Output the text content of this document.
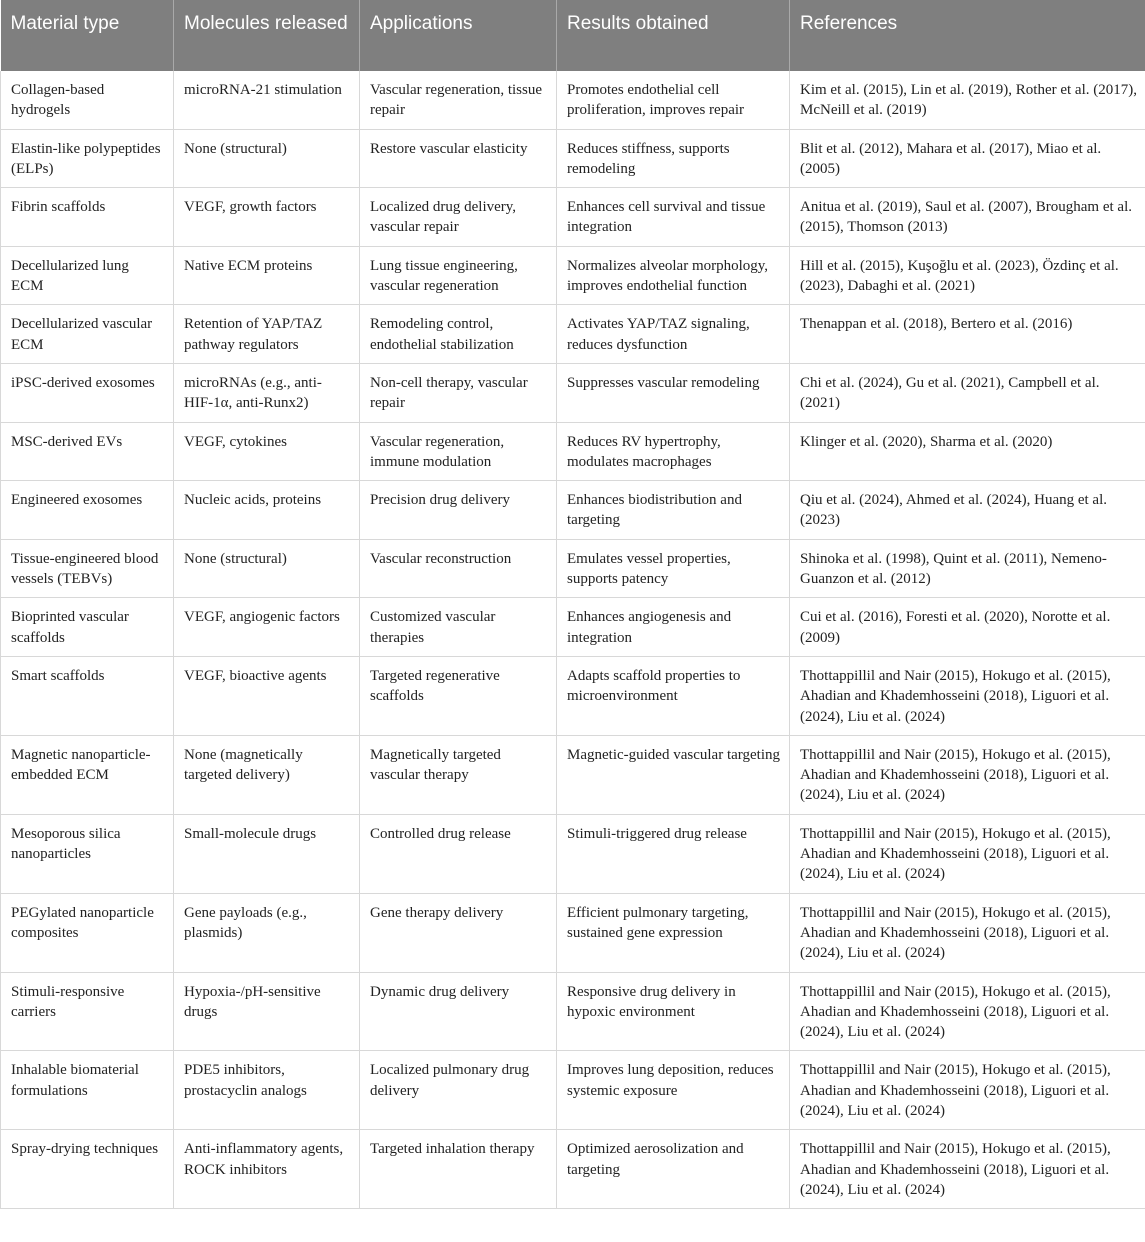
Material type	Molecules released	Applications	Results obtained	References
Collagen-based hydrogels	microRNA-21 stimulation	Vascular regeneration, tissue repair	Promotes endothelial cell proliferation, improves repair	Kim et al. (2015), Lin et al. (2019), Rother et al. (2017), McNeill et al. (2019)
Elastin-like polypeptides (ELPs)	None (structural)	Restore vascular elasticity	Reduces stiffness, supports remodeling	Blit et al. (2012), Mahara et al. (2017), Miao et al. (2005)
Fibrin scaffolds	VEGF, growth factors	Localized drug delivery, vascular repair	Enhances cell survival and tissue integration	Anitua et al. (2019), Saul et al. (2007), Brougham et al. (2015), Thomson (2013)
Decellularized lung ECM	Native ECM proteins	Lung tissue engineering, vascular regeneration	Normalizes alveolar morphology, improves endothelial function	Hill et al. (2015), Kuşoğlu et al. (2023), Özdinç et al. (2023), Dabaghi et al. (2021)
Decellularized vascular ECM	Retention of YAP/TAZ pathway regulators	Remodeling control, endothelial stabilization	Activates YAP/TAZ signaling, reduces dysfunction	Thenappan et al. (2018), Bertero et al. (2016)
iPSC-derived exosomes	microRNAs (e.g., anti-HIF-1α, anti-Runx2)	Non-cell therapy, vascular repair	Suppresses vascular remodeling	Chi et al. (2024), Gu et al. (2021), Campbell et al. (2021)
MSC-derived EVs	VEGF, cytokines	Vascular regeneration, immune modulation	Reduces RV hypertrophy, modulates macrophages	Klinger et al. (2020), Sharma et al. (2020)
Engineered exosomes	Nucleic acids, proteins	Precision drug delivery	Enhances biodistribution and targeting	Qiu et al. (2024), Ahmed et al. (2024), Huang et al. (2023)
Tissue-engineered blood vessels (TEBVs)	None (structural)	Vascular reconstruction	Emulates vessel properties, supports patency	Shinoka et al. (1998), Quint et al. (2011), Nemeno-Guanzon et al. (2012)
Bioprinted vascular scaffolds	VEGF, angiogenic factors	Customized vascular therapies	Enhances angiogenesis and integration	Cui et al. (2016), Foresti et al. (2020), Norotte et al. (2009)
Smart scaffolds	VEGF, bioactive agents	Targeted regenerative scaffolds	Adapts scaffold properties to microenvironment	Thottappillil and Nair (2015), Hokugo et al. (2015), Ahadian and Khademhosseini (2018), Liguori et al. (2024), Liu et al. (2024)
Magnetic nanoparticle-embedded ECM	None (magnetically targeted delivery)	Magnetically targeted vascular therapy	Magnetic-guided vascular targeting	Thottappillil and Nair (2015), Hokugo et al. (2015), Ahadian and Khademhosseini (2018), Liguori et al. (2024), Liu et al. (2024)
Mesoporous silica nanoparticles	Small-molecule drugs	Controlled drug release	Stimuli-triggered drug release	Thottappillil and Nair (2015), Hokugo et al. (2015), Ahadian and Khademhosseini (2018), Liguori et al. (2024), Liu et al. (2024)
PEGylated nanoparticle composites	Gene payloads (e.g., plasmids)	Gene therapy delivery	Efficient pulmonary targeting, sustained gene expression	Thottappillil and Nair (2015), Hokugo et al. (2015), Ahadian and Khademhosseini (2018), Liguori et al. (2024), Liu et al. (2024)
Stimuli-responsive carriers	Hypoxia-/pH-sensitive drugs	Dynamic drug delivery	Responsive drug delivery in hypoxic environment	Thottappillil and Nair (2015), Hokugo et al. (2015), Ahadian and Khademhosseini (2018), Liguori et al. (2024), Liu et al. (2024)
Inhalable biomaterial formulations	PDE5 inhibitors, prostacyclin analogs	Localized pulmonary drug delivery	Improves lung deposition, reduces systemic exposure	Thottappillil and Nair (2015), Hokugo et al. (2015), Ahadian and Khademhosseini (2018), Liguori et al. (2024), Liu et al. (2024)
Spray-drying techniques	Anti-inflammatory agents, ROCK inhibitors	Targeted inhalation therapy	Optimized aerosolization and targeting	Thottappillil and Nair (2015), Hokugo et al. (2015), Ahadian and Khademhosseini (2018), Liguori et al. (2024), Liu et al. (2024)
